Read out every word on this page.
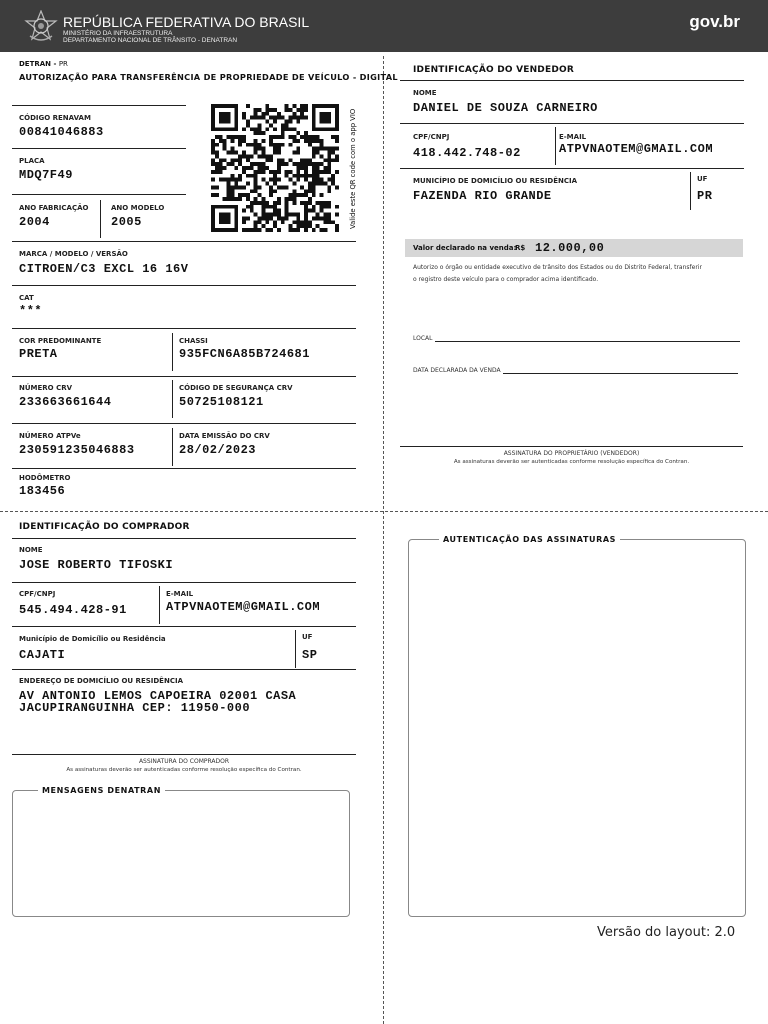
REPÚBLICA FEDERATIVA DO BRASIL
MINISTÉRIO DA INFRAESTRUTURA
DEPARTAMENTO NACIONAL DE TRÂNSITO - DENATRAN
gov.br
DETRAN - PR
AUTORIZAÇÃO PARA TRANSFERÊNCIA DE PROPRIEDADE DE VEÍCULO - DIGITAL
CÓDIGO RENAVAM
00841046883
PLACA
MDQ7F49
ANO FABRICAÇÃO
2004
ANO MODELO
2005	Valide este QR code com o app VIO
MARCA / MODELO / VERSÃO
CITROEN/C3 EXCL 16 16V
CAT
***
COR PREDOMINANTE
PRETA
CHASSI
935FCN6A85B724681
NÚMERO CRV
233663661644
CÓDIGO DE SEGURANÇA CRV
50725108121
NÚMERO ATPVe
230591235046883
DATA EMISSÃO DO CRV
28/02/2023
HODÔMETRO
183456
IDENTIFICAÇÃO DO VENDEDOR
NOME
DANIEL DE SOUZA CARNEIRO
CPF/CNPJ
418.442.748-02
E-MAIL
ATPVNAOTEM@GMAIL.COM
MUNICÍPIO DE DOMICÍLIO OU RESIDÊNCIA
FAZENDA RIO GRANDE
UF
PR
Valor declarado na venda:
R$ 12.000,00
Autorizo o órgão ou entidade executivo de trânsito dos Estados ou do Distrito Federal, transferir
o registro deste veículo para o comprador acima identificado.
LOCAL
DATA DECLARADA DA VENDA
ASSINATURA DO PROPRIETÁRIO (VENDEDOR)
As assinaturas deverão ser autenticadas conforme resolução específica do Contran.
IDENTIFICAÇÃO DO COMPRADOR
NOME
JOSE ROBERTO TIFOSKI
CPF/CNPJ
545.494.428-91
E-MAIL
ATPVNAOTEM@GMAIL.COM
Município de Domicílio ou Residência
CAJATI
UF
SP
ENDEREÇO DE DOMICÍLIO OU RESIDÊNCIA
AV ANTONIO LEMOS CAPOEIRA 02001 CASA
JACUPIRANGUINHA CEP: 11950-000
ASSINATURA DO COMPRADOR
As assinaturas deverão ser autenticadas conforme resolução específica do Contran.
MENSAGENS DENATRAN
AUTENTICAÇÃO DAS ASSINATURAS
Versão do layout: 2.0
